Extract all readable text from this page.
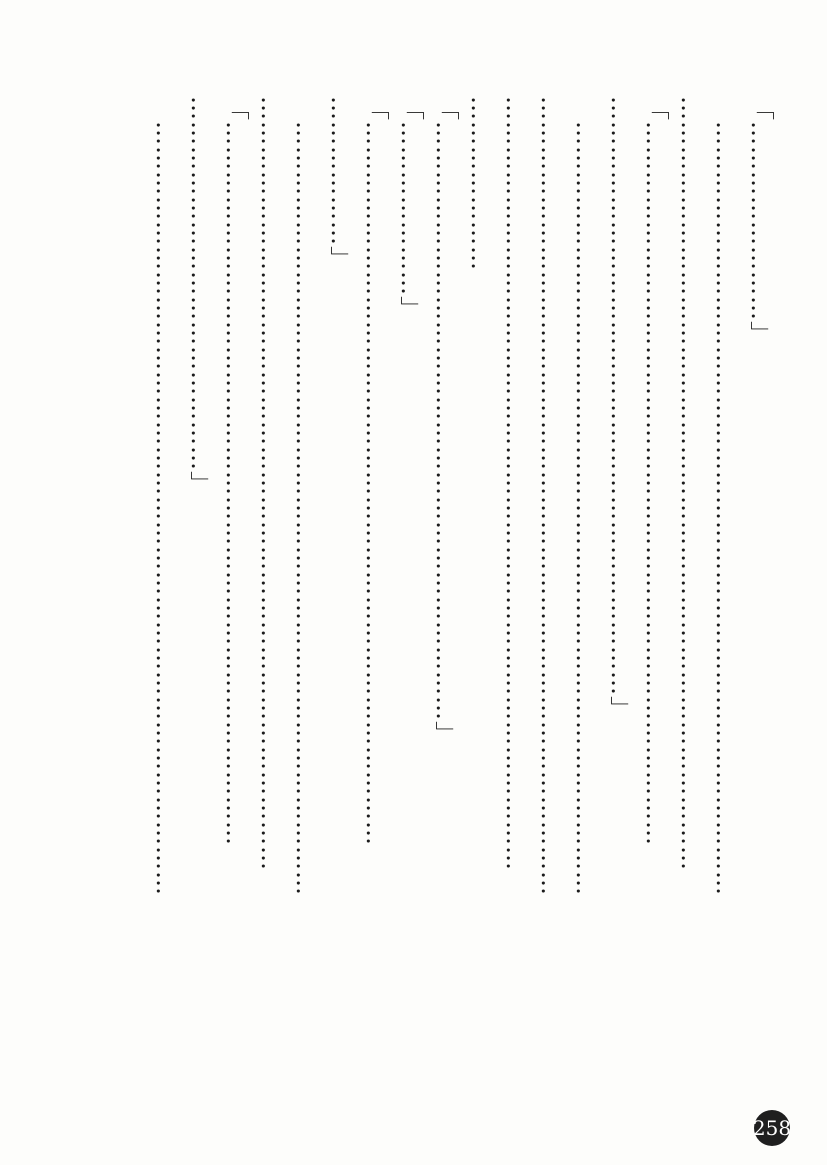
「……………………」

…………………………………………………………………………………

…………………………………………………………………………………

「……………………………………………………………………………

………………………………………………………………」

…………………………………………………………………………………

……………………………………………………………………………………

…………………………………………………………………………………

…………………

「………………………………………………………………」

「…………………」

「……………………………………………………………………………

………………」

…………………………………………………………………………………

…………………………………………………………………………………

「……………………………………………………………………………

………………………………………」

…………………………………………………………………………………

258
